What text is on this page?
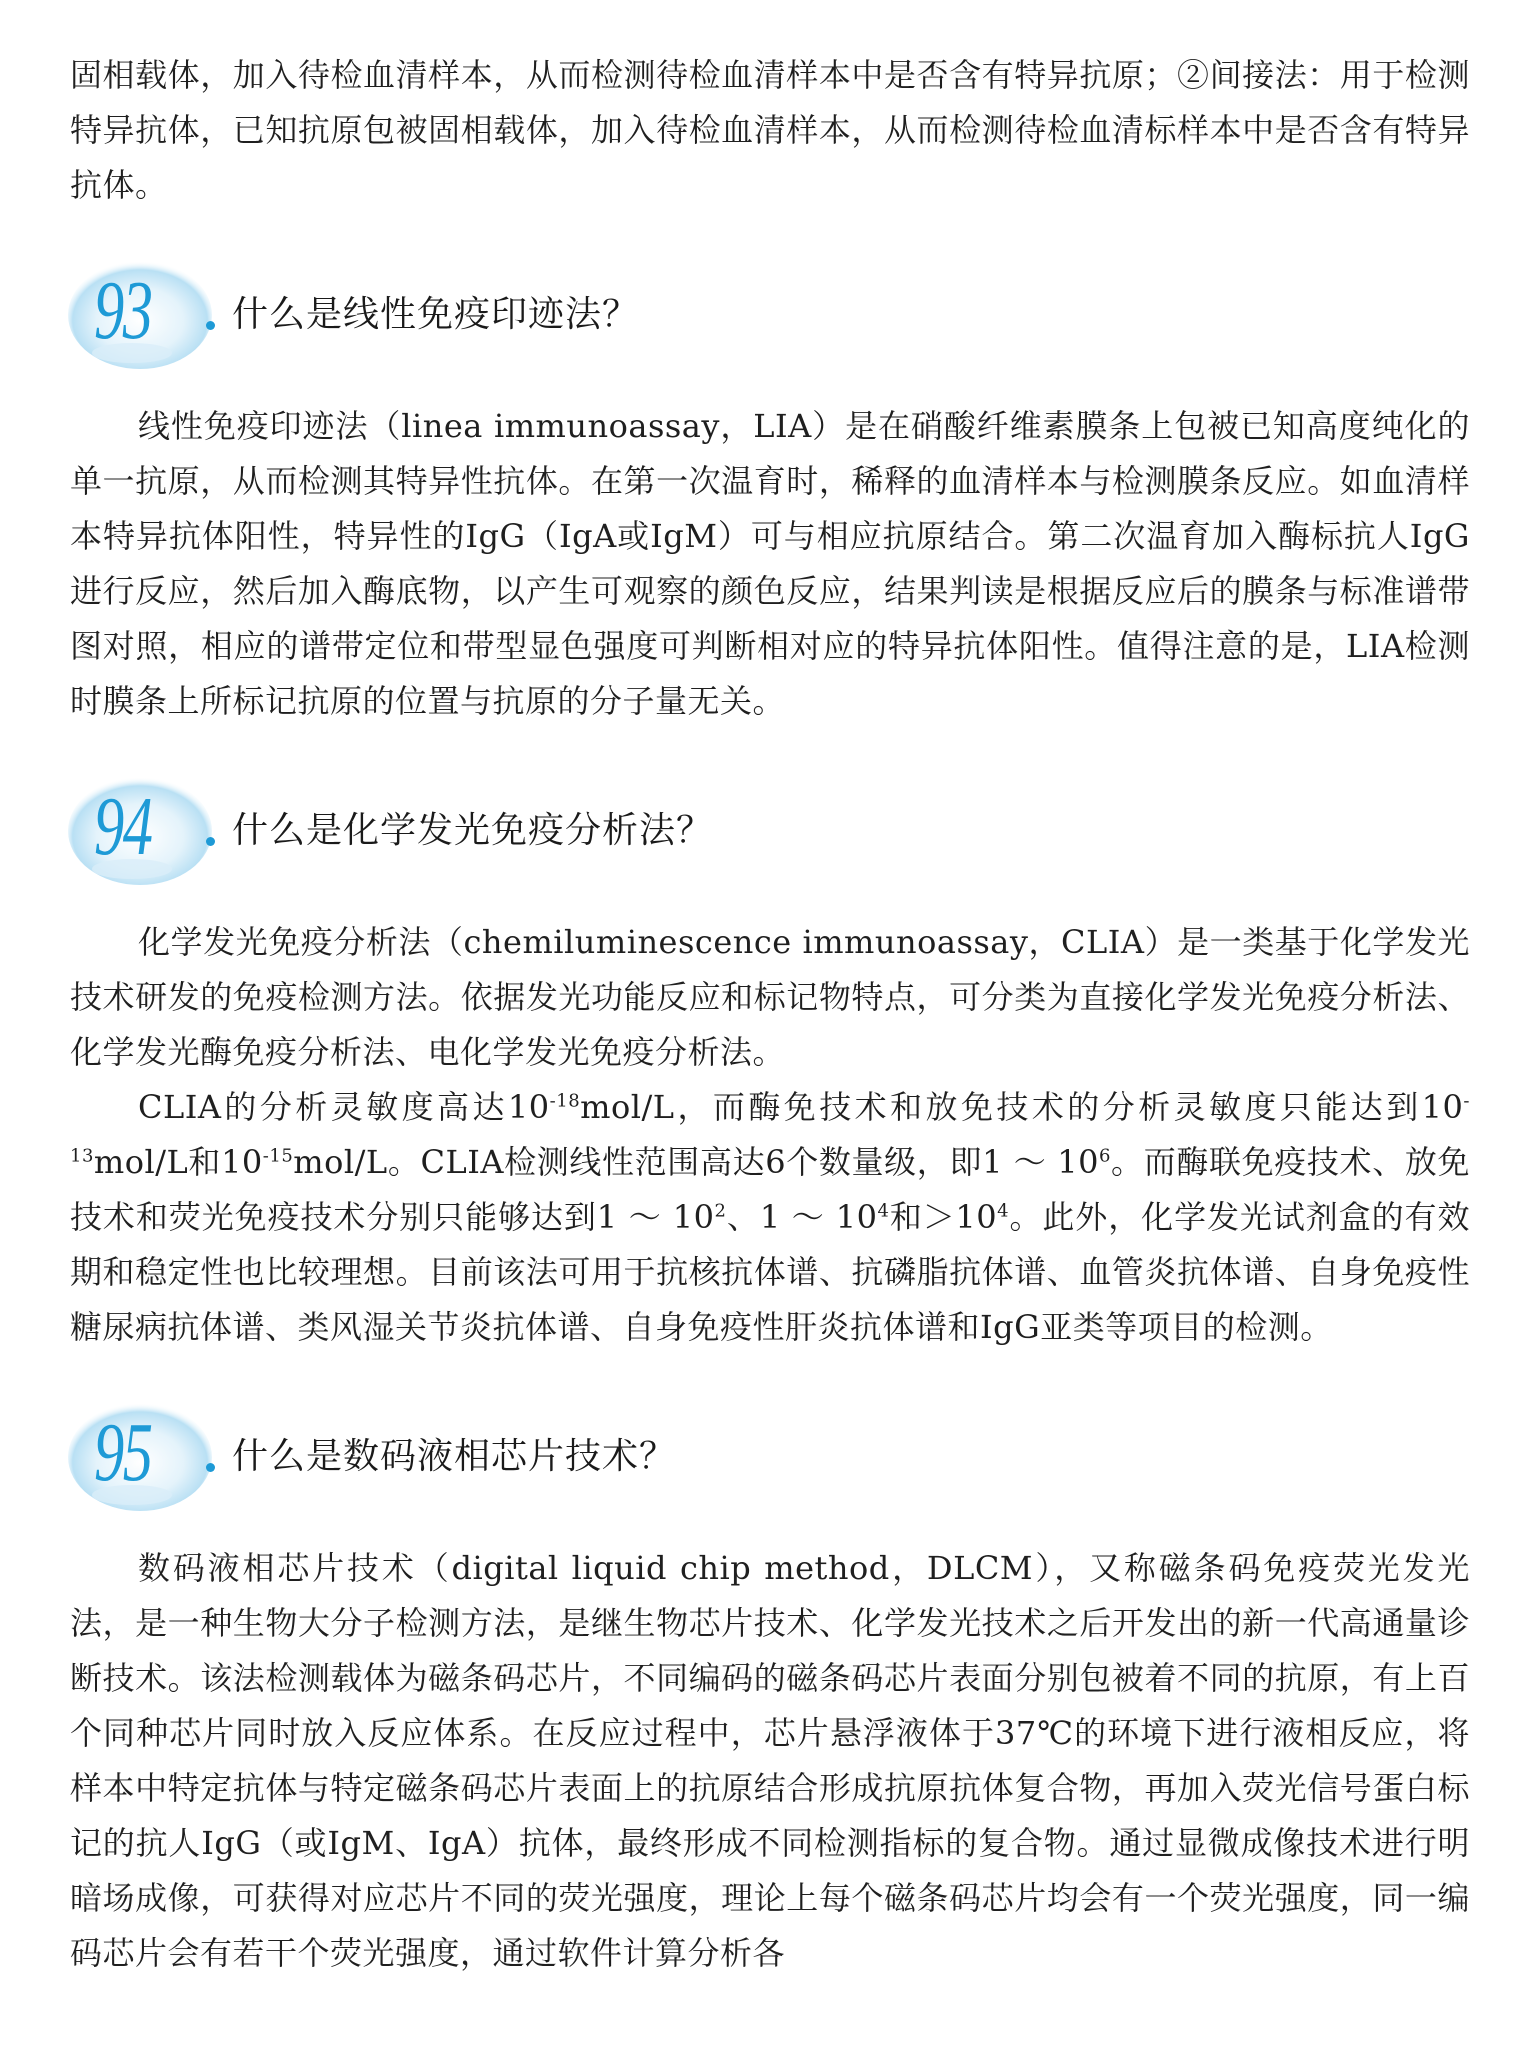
固相载体，加入待检血清样本，从而检测待检血清样本中是否含有特异抗原；②间接法：用于检测特异抗体，已知抗原包被固相载体，加入待检血清样本，从而检测待检血清标样本中是否含有特异抗体。

93 什么是线性免疫印迹法？

线性免疫印迹法（linea immunoassay，LIA）是在硝酸纤维素膜条上包被已知高度纯化的单一抗原，从而检测其特异性抗体。在第一次温育时，稀释的血清样本与检测膜条反应。如血清样本特异抗体阳性，特异性的IgG（IgA或IgM）可与相应抗原结合。第二次温育加入酶标抗人IgG进行反应，然后加入酶底物，以产生可观察的颜色反应，结果判读是根据反应后的膜条与标准谱带图对照，相应的谱带定位和带型显色强度可判断相对应的特异抗体阳性。值得注意的是，LIA检测时膜条上所标记抗原的位置与抗原的分子量无关。

94 什么是化学发光免疫分析法？

化学发光免疫分析法（chemiluminescence immunoassay，CLIA）是一类基于化学发光技术研发的免疫检测方法。依据发光功能反应和标记物特点，可分类为直接化学发光免疫分析法、化学发光酶免疫分析法、电化学发光免疫分析法。

CLIA的分析灵敏度高达$10^{-18}mol/L$，而酶免技术和放免技术的分析灵敏度只能达到$10^{-13}mol/L$和$10^{-15}mol/L$。CLIA检测线性范围高达6个数量级，即1 ～ $10^6$。而酶联免疫技术、放免技术和荧光免疫技术分别只能够达到1 ～ $10^2$、1 ～ $10^4$和$>10^4$。此外，化学发光试剂盒的有效期和稳定性也比较理想。目前该法可用于抗核抗体谱、抗磷脂抗体谱、血管炎抗体谱、自身免疫性糖尿病抗体谱、类风湿关节炎抗体谱、自身免疫性肝炎抗体谱和IgG亚类等项目的检测。

95 什么是数码液相芯片技术？

数码液相芯片技术（digital liquid chip method，DLCM），又称磁条码免疫荧光发光法，是一种生物大分子检测方法，是继生物芯片技术、化学发光技术之后开发出的新一代高通量诊断技术。该法检测载体为磁条码芯片，不同编码的磁条码芯片表面分别包被着不同的抗原，有上百个同种芯片同时放入反应体系。在反应过程中，芯片悬浮液体于37℃的环境下进行液相反应，将样本中特定抗体与特定磁条码芯片表面上的抗原结合形成抗原抗体复合物，再加入荧光信号蛋白标记的抗人IgG（或IgM、IgA）抗体，最终形成不同检测指标的复合物。通过显微成像技术进行明暗场成像，可获得对应芯片不同的荧光强度，理论上每个磁条码芯片均会有一个荧光强度，同一编码芯片会有若干个荧光强度，通过软件计算分析各
